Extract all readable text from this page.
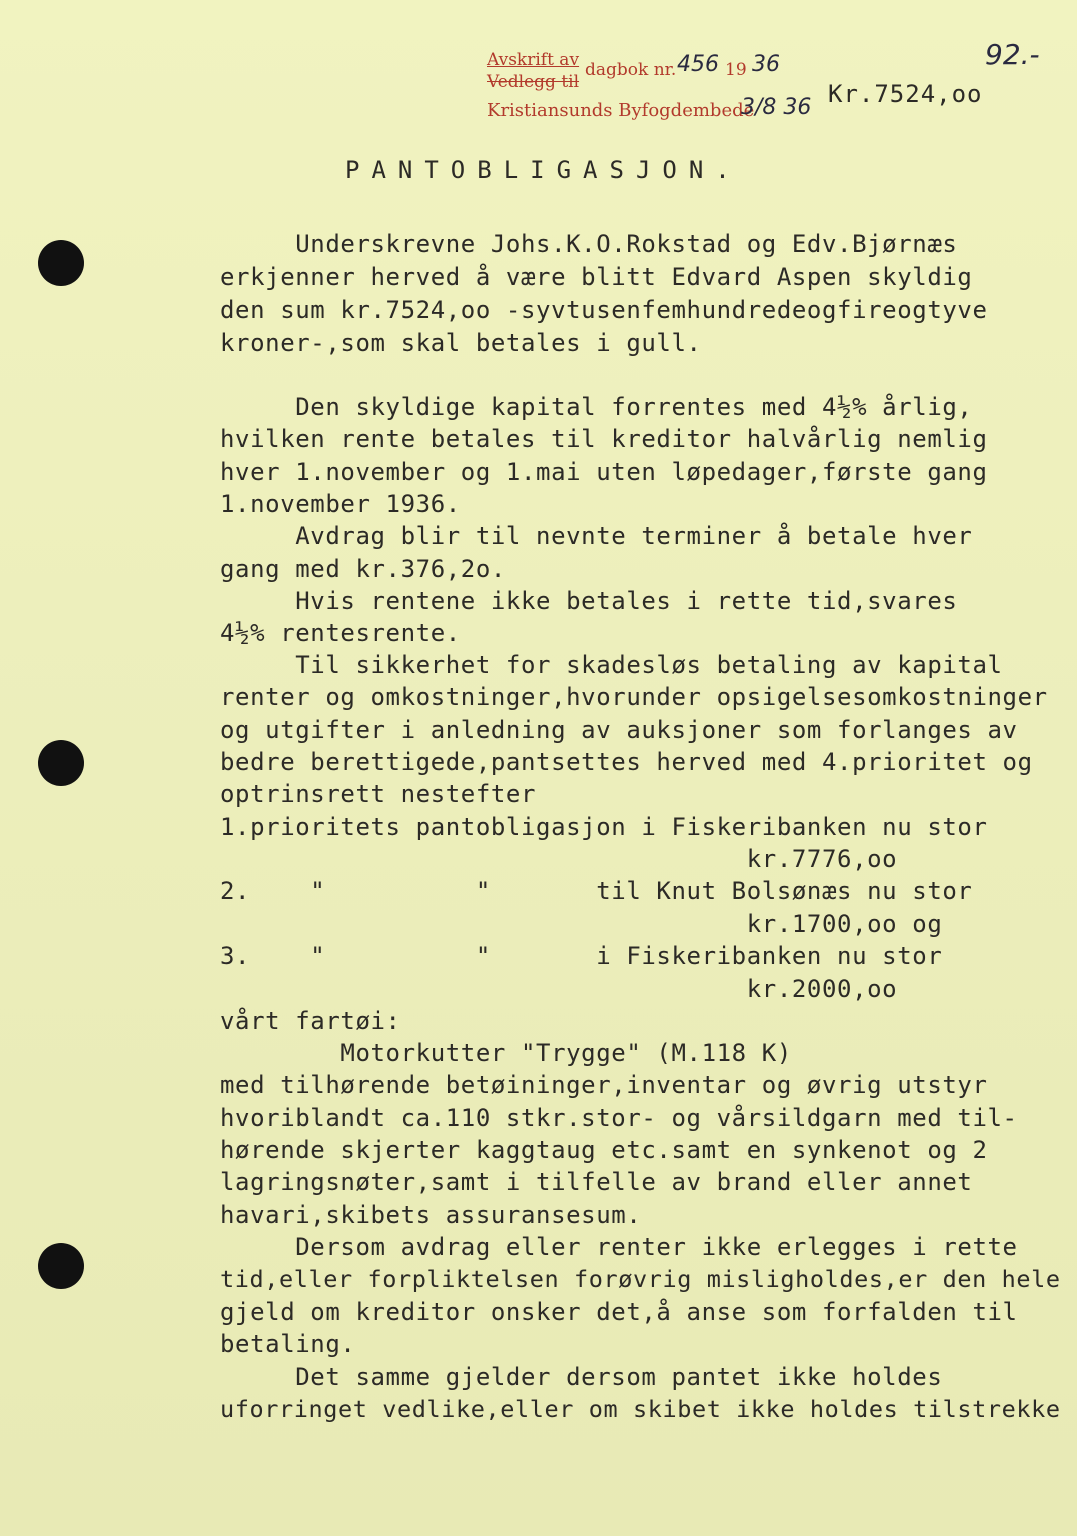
Avskrift av
Vedlegg til
dagbok nr. 456 19 36
Kristiansunds Byfogdembede
3/8 36
92.-
Kr.7524,oo
PANTOBLIGASJON.
Underskrevne Johs.K.O.Rokstad og Edv.Bjørnæs
erkjenner herved å være blitt Edvard Aspen skyldig
den sum kr.7524,oo -syvtusenfemhundredeogfireogtyve
kroner-,som skal betales i gull.
Den skyldige kapital forrentes med 4½% årlig,
hvilken rente betales til kreditor halvårlig nemlig
hver 1.november og 1.mai uten løpedager,første gang
1.november 1936.
Avdrag blir til nevnte terminer å betale hver
gang med kr.376,2o.
Hvis rentene ikke betales i rette tid,svares
4½% rentesrente.
Til sikkerhet for skadesløs betaling av kapital
renter og omkostninger,hvorunder opsigelsesomkostninger
og utgifter i anledning av auksjoner som forlanges av
bedre berettigede,pantsettes herved med 4.prioritet og
optrinsrett nestefter
1.prioritets pantobligasjon i Fiskeribanken nu stor
kr.7776,oo
2.    "          "       til Knut Bolsønæs nu stor
kr.1700,oo og
3.    "          "       i Fiskeribanken nu stor
kr.2000,oo
vårt fartøi:
Motorkutter "Trygge" (M.118 K)
med tilhørende betøininger,inventar og øvrig utstyr
hvoriblandt ca.110 stkr.stor- og vårsildgarn med til-
hørende skjerter kaggtaug etc.samt en synkenot og 2
lagringsnøter,samt i tilfelle av brand eller annet
havari,skibets assuransesum.
Dersom avdrag eller renter ikke erlegges i rette
tid,eller forpliktelsen forøvrig misligholdes,er den hele
gjeld om kreditor onsker det,å anse som forfalden til
betaling.
Det samme gjelder dersom pantet ikke holdes
uforringet vedlike,eller om skibet ikke holdes tilstrekke
